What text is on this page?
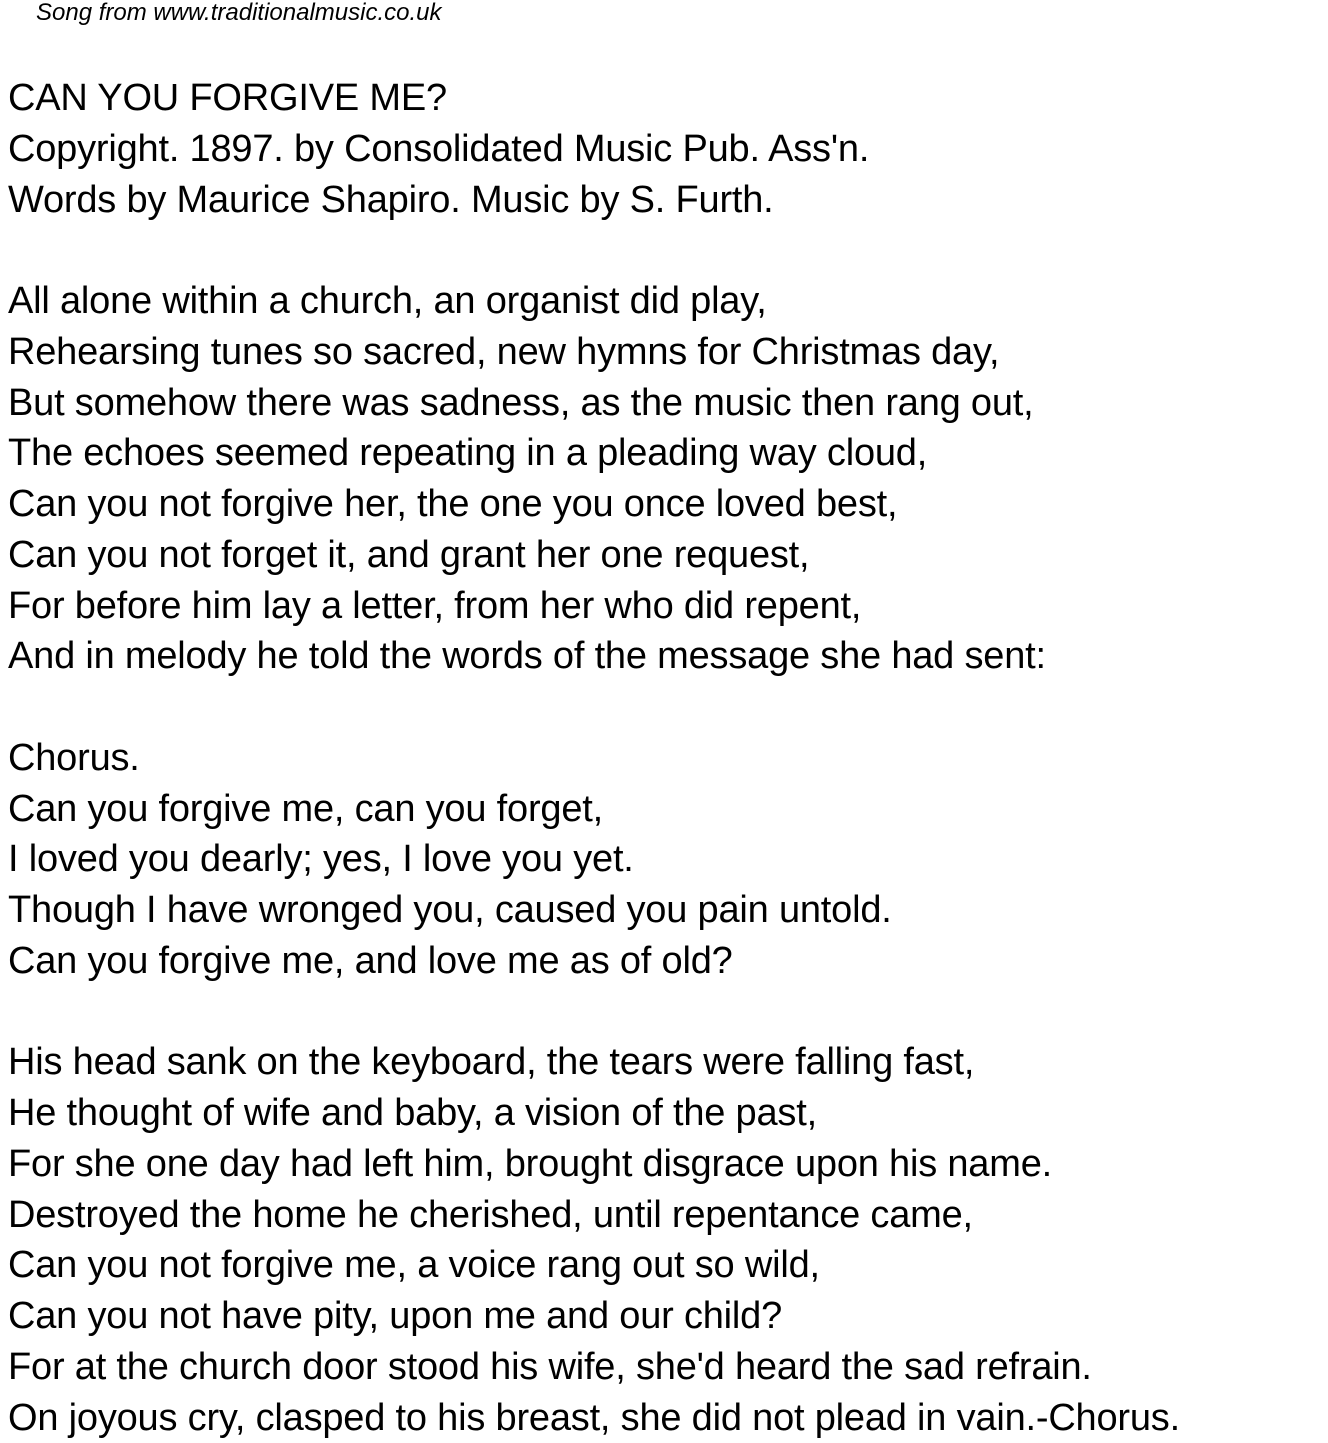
Song from www.traditionalmusic.co.uk
CAN YOU FORGIVE ME?
Copyright. 1897. by Consolidated Music Pub. Ass'n.
Words by Maurice Shapiro. Music by S. Furth.
All alone within a church, an organist did play,
Rehearsing tunes so sacred, new hymns for Christmas day,
But somehow there was sadness, as the music then rang out,
The echoes seemed repeating in a pleading way cloud,
Can you not forgive her, the one you once loved best,
Can you not forget it, and grant her one request,
For before him lay a letter, from her who did repent,
And in melody he told the words of the message she had sent:
Chorus.
Can you forgive me, can you forget,
I loved you dearly; yes, I love you yet.
Though I have wronged you, caused you pain untold.
Can you forgive me, and love me as of old?
His head sank on the keyboard, the tears were falling fast,
He thought of wife and baby, a vision of the past,
For she one day had left him, brought disgrace upon his name.
Destroyed the home he cherished, until repentance came,
Can you not forgive me, a voice rang out so wild,
Can you not have pity, upon me and our child?
For at the church door stood his wife, she'd heard the sad refrain.
On joyous cry, clasped to his breast, she did not plead in vain.-Chorus.
